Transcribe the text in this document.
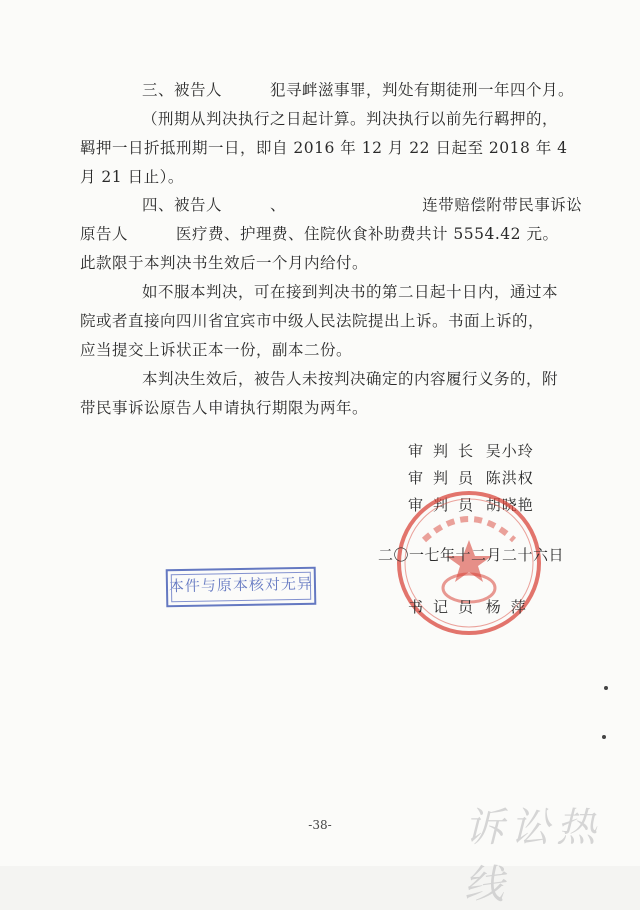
三、被告人　　　犯寻衅滋事罪，判处有期徒刑一年四个月。
（刑期从判决执行之日起计算。判决执行以前先行羁押的，
羁押一日折抵刑期一日，即自 2016 年 12 月 22 日起至 2018 年 4
月 21 日止）。
四、被告人　　　、　　　　　　　　　连带赔偿附带民事诉讼
原告人　　　医疗费、护理费、住院伙食补助费共计 5554.42 元。
此款限于本判决书生效后一个月内给付。
如不服本判决，可在接到判决书的第二日起十日内，通过本
院或者直接向四川省宜宾市中级人民法院提出上诉。书面上诉的，
应当提交上诉状正本一份，副本二份。
本判决生效后，被告人未按判决确定的内容履行义务的，附
带民事诉讼原告人申请执行期限为两年。
审判长 吴小玲
审判员 陈洪权
审判员 胡晓艳
二〇一七年十二月二十六日
本件与原本核对无异
书记员 杨萍
-38-	诉讼热线
